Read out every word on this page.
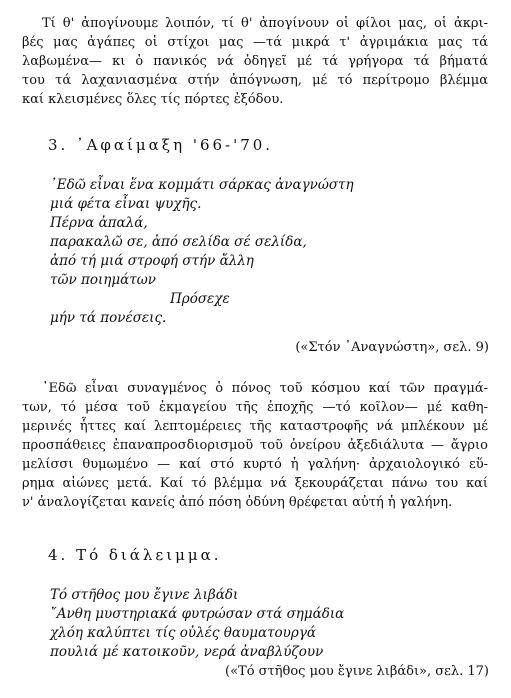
Τί θ' ἀπογίνουμε λοιπόν, τί θ' ἀπογίνουν οἱ φίλοι μας, οἱ ἀκρι-
βές μας ἀγάπες οἱ στίχοι μας —τά μικρά τ' ἀγριμάκια μας τά
λαβωμένα— κι ὁ πανικός νά ὁδηγεῖ μέ τά γρήγορα τά βήματά
του τά λαχανιασμένα στήν ἀπόγνωση, μέ τό περίτρομο βλέμμα
καί κλεισμένες ὅλες τίς πόρτες ἐξόδου.
3. ᾿Αφαίμαξη '66-'70.
᾿Εδῶ εἶναι ἕνα κομμάτι σάρκας ἀναγνώστη
μιά φέτα εἶναι ψυχῆς.
Πέρνα ἀπαλά,
παρακαλῶ σε, ἀπό σελίδα σέ σελίδα,
ἀπό τή μιά στροφή στήν ἄλλη
τῶν ποιημάτων
Πρόσεχε
μήν τά πονέσεις.
(«Στόν ᾿Αναγνώστη», σελ. 9)
᾿Εδῶ εἶναι συναγμένος ὁ πόνος τοῦ κόσμου καί τῶν πραγμά-
των, τό μέσα τοῦ ἐκμαγείου τῆς ἐποχῆς —τό κοῖλον— μέ καθη-
μερινές ἧττες καί λεπτομέρειες τῆς καταστροφῆς νά μπλέκουν μέ
προσπάθειες ἐπαναπροσδιορισμοῦ τοῦ ὀνείρου ἀξεδιάλυτα — ἄγριο
μελίσσι θυμωμένο — καί στό κυρτό ἡ γαλήνη· ἀρχαιολογικό εὕ-
ρημα αἰώνες μετά. Καί τό βλέμμα νά ξεκουράζεται πάνω του καί
ν' ἀναλογίζεται κανείς ἀπό πόση ὀδύνη θρέφεται αὐτή ἡ γαλήνη.
4. Τό διάλειμμα.
Τό στῆθος μου ἔγινε λιβάδι
῎Ανθη μυστηριακά φυτρώσαν στά σημάδια
χλόη καλύπτει τίς οὐλές θαυματουργά
πουλιά μέ κατοικοῦν, νερά ἀναβλύζουν
(«Τό στῆθος μου ἔγινε λιβάδι», σελ. 17)
